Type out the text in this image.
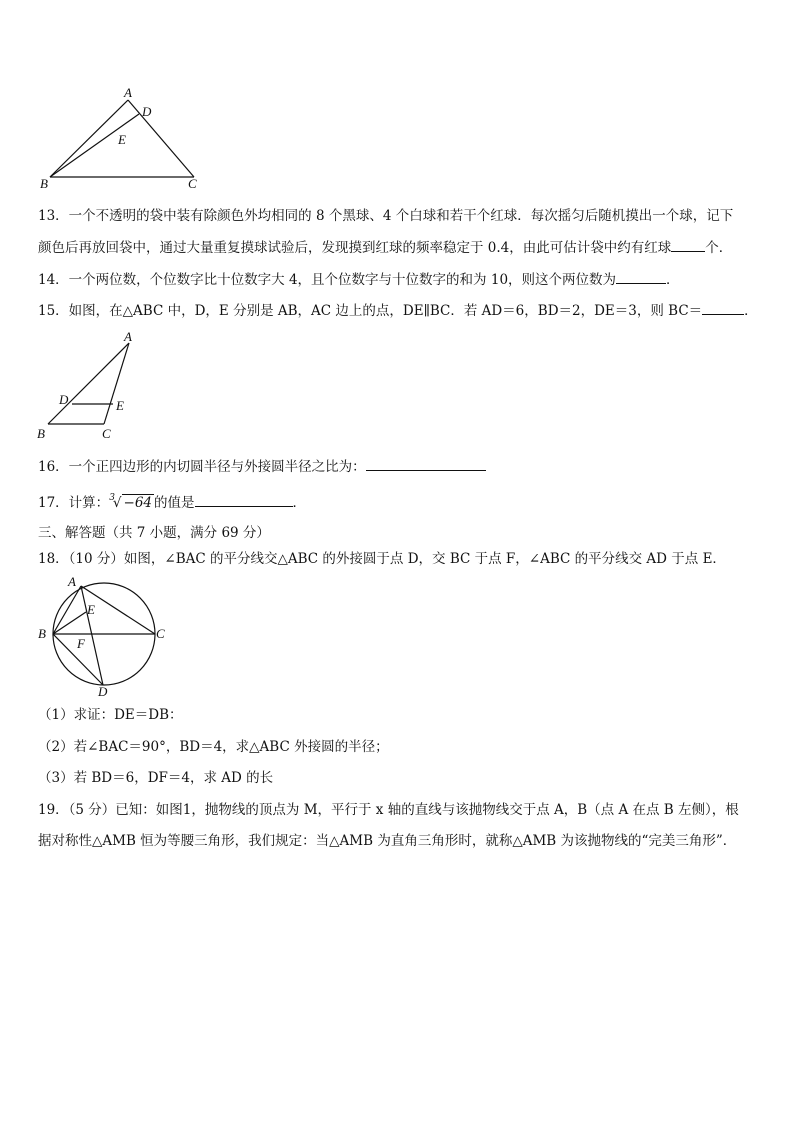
A
D
E
B	C
13．一个不透明的袋中装有除颜色外均相同的 8 个黑球、4 个白球和若干个红球．每次摇匀后随机摸出一个球，记下
颜色后再放回袋中，通过大量重复摸球试验后，发现摸到红球的频率稳定于 0.4，由此可估计袋中约有红球	个．
14．一个两位数，个位数字比十位数字大 4，且个位数字与十位数字的和为 10，则这个两位数为	．
15．如图，在△ABC 中，D，E 分别是 AB，AC 边上的点，DE∥BC．若 AD＝6，BD＝2，DE＝3，则 BC＝	．
A
D	E
B	C
16．一个正四边形的内切圆半径与外接圆半径之比为：
17．计算：$^3$√ −64 的值是	．
三、解答题（共 7 小题，满分 69 分）
18．（10 分）如图，∠BAC 的平分线交△ABC 的外接圆于点 D，交 BC 于点 F，∠ABC 的平分线交 AD 于点 E．
A
E
B	C
F
D
（1）求证：DE＝DB：
（2）若∠BAC＝90°，BD＝4，求△ABC 外接圆的半径；
（3）若 BD＝6，DF＝4，求 AD 的长
19．（5 分）已知：如图1，抛物线的顶点为 M，平行于 x 轴的直线与该抛物线交于点 A，B（点 A 在点 B 左侧），根
据对称性△AMB 恒为等腰三角形，我们规定：当△AMB 为直角三角形时，就称△AMB 为该抛物线的“完美三角形”．
